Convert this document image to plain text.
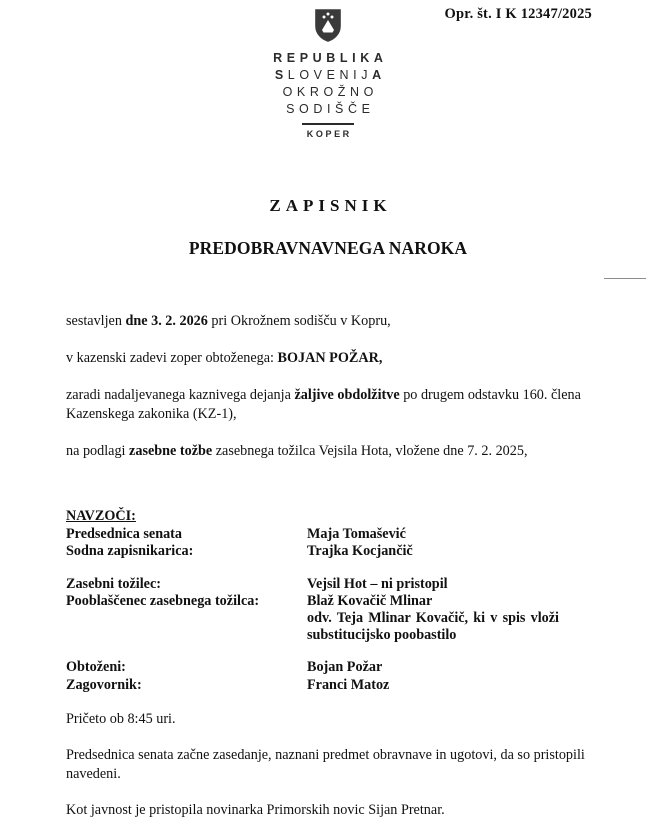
Opr. št. I K 12347/2025
REPUBLIKA
SLOVENIJA
OKROŽNO
SODIŠČE
KOPER
ZAPISNIK
PREDOBRAVNAVNEGA NAROKA

sestavljen dne 3. 2. 2026 pri Okrožnem sodišču v Kopru,

v kazenski zadevi zoper obtoženega: BOJAN POŽAR,

zaradi nadaljevanega kaznivega dejanja žaljive obdolžitve po drugem odstavku 160. člena Kazenskega zakonika (KZ-1),

na podlagi zasebne tožbe zasebnega tožilca Vejsila Hota, vložene dne 7. 2. 2025,

NAVZOČI:
Predsednica senata	Maja Tomašević
Sodna zapisnikarica:	Trajka Kocjančič
Zasebni tožilec:	Vejsil Hot – ni pristopil
Pooblaščenec zasebnega tožilca:	Blaž Kovačič Mlinar
odv. Teja Mlinar Kovačič, ki v spis vloži substitucijsko poobastilo
Obtoženi:	Bojan Požar
Zagovornik:	Franci Matoz

Pričeto ob 8:45 uri.

Predsednica senata začne zasedanje, naznani predmet obravnave in ugotovi, da so pristopili navedeni.

Kot javnost je pristopila novinarka Primorskih novic Sijan Pretnar.
